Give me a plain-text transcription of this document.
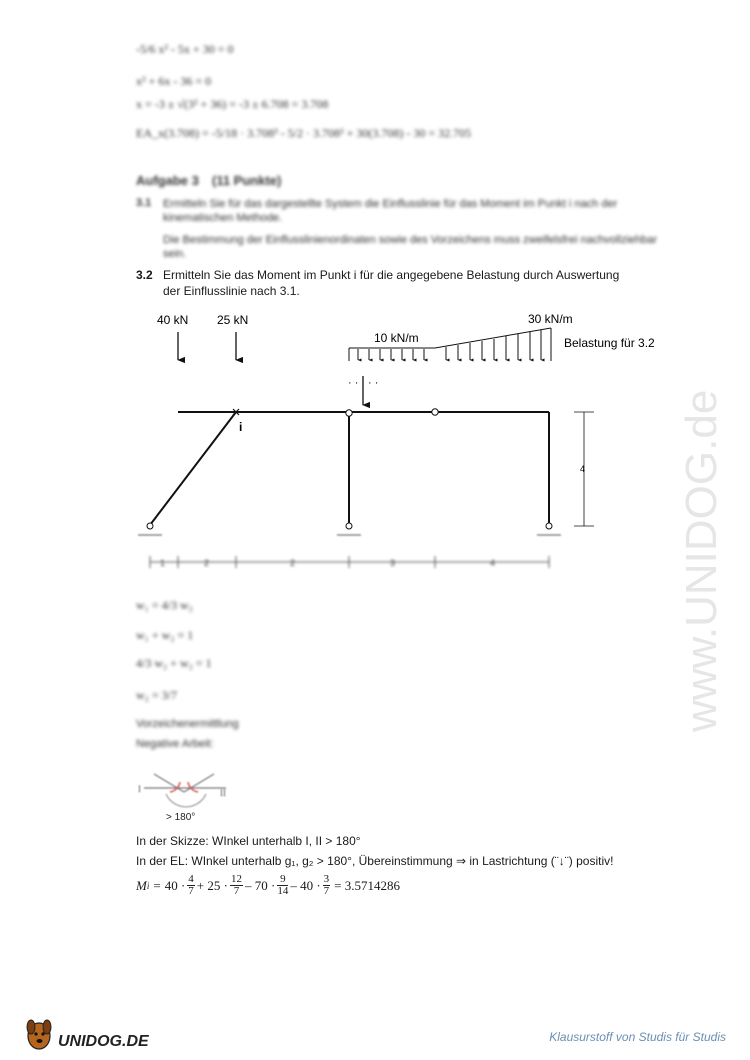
-5/6 x² - 5x + 30 = 0
x² + 6x - 36 = 0
x = -3 ± √(3² + 36) = -3 ± 6.708 = 3.708
EA_x(3.708) = -5/18 · 3.708³ - 5/2 · 3.708² + 30(3.708) - 30 = 32.705
Aufgabe 3 (11 Punkte)
3.1 Ermitteln Sie für das dargestellte System die Einflusslinie für das Moment im Punkt i nach der kinematischen Methode.
Die Bestimmung der Einflusslinienordinaten sowie des Vorzeichens muss zweifelsfrei nachvollziehbar sein.
3.2 Ermitteln Sie das Moment im Punkt i für die angegebene Belastung durch Auswertung
der Einflusslinie nach 3.1.
40 kN 25 kN
10 kN/m
30 kN/m
Belastung für 3.2
· · · ·
i
4
1	2	2	3	4
w₁ = 4/3 w₂
w₁ + w₂ = 1
4/3 w₂ + w₂ = 1
w₂ = 3/7
Vorzeichenermittlung
Negative Arbeit:
I	II
> 180°
In der Skizze: WInkel unterhalb I, II > 180°
In der EL: WInkel unterhalb g₁, g₂ > 180°, Übereinstimmung ⇒ in Lastrichtung (¨↓¨) positiv!
M $i = 40 \cdot \frac{4}{7} + 25 \cdot \frac{12}{7} - 70 \cdot \frac{9}{14} - 40 \cdot \frac{3}{7} = 3.5714286$
www.UNIDOG.de
UNIDOG.DE	Klausurstoff von Studis für Studis
